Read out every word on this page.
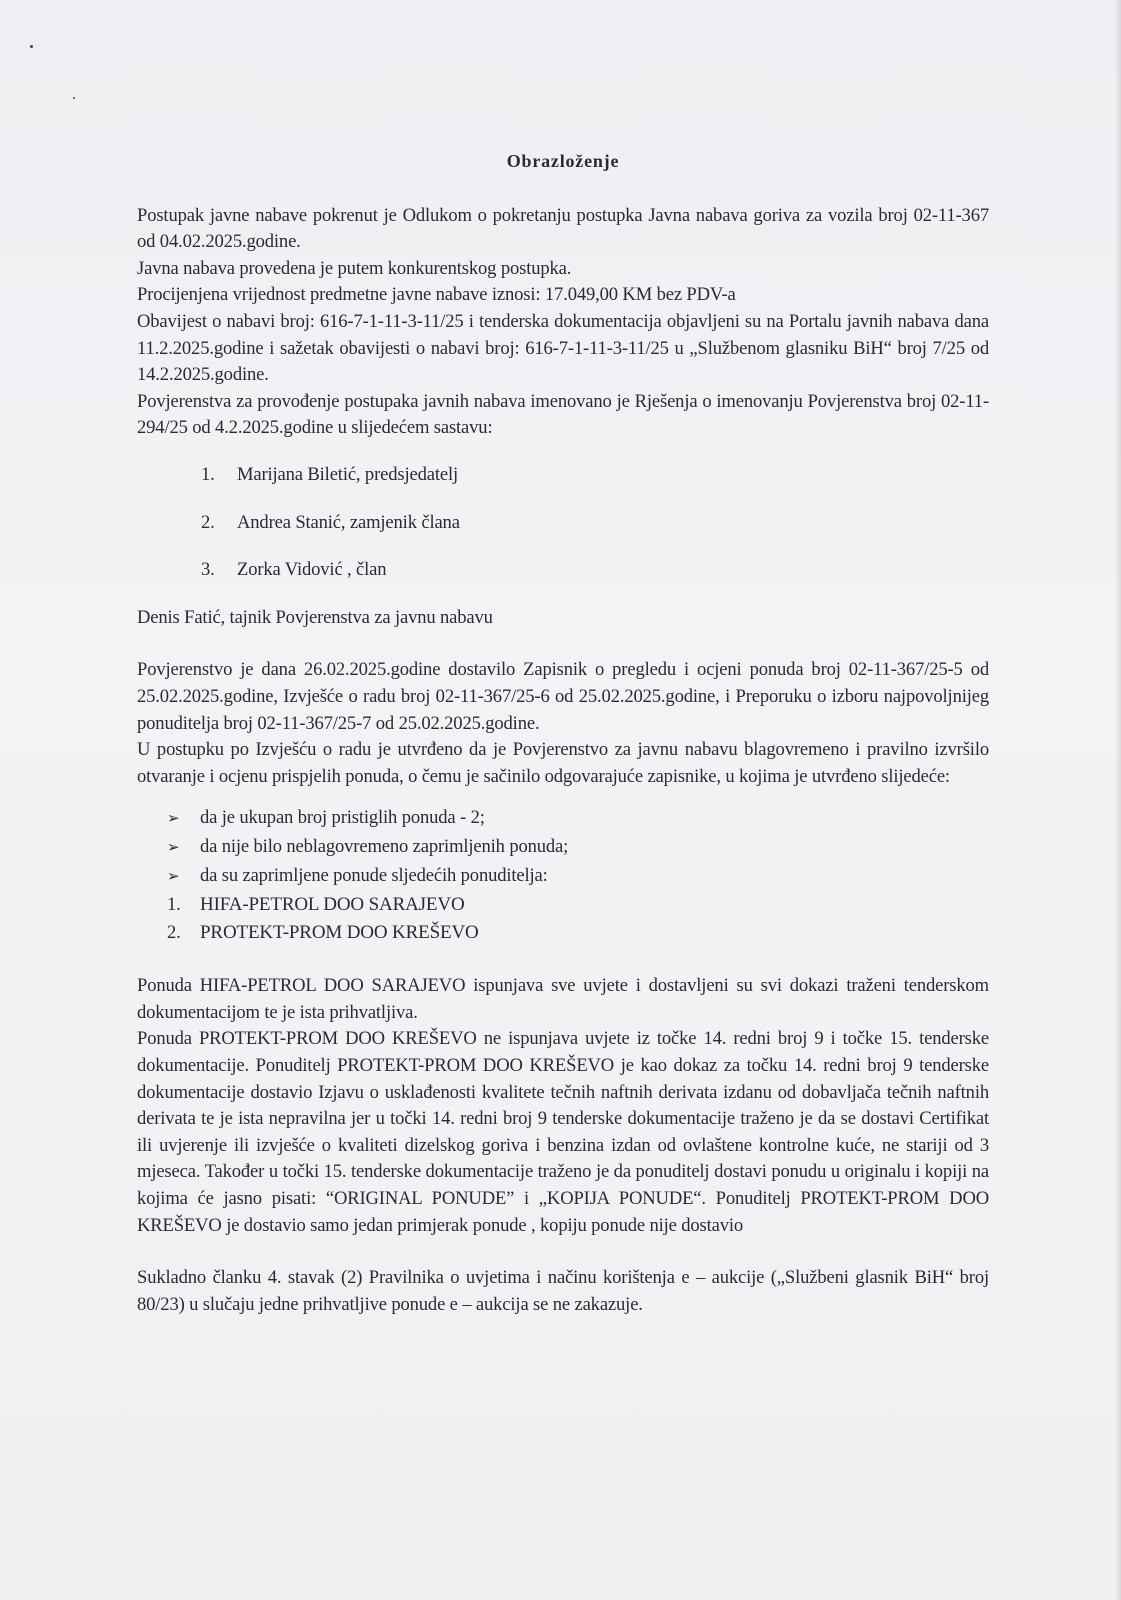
Obrazloženje

Postupak javne nabave pokrenut je Odlukom o pokretanju postupka Javna nabava goriva za vozila broj 02-11-367 od 04.02.2025.godine.

Javna nabava provedena je putem konkurentskog postupka.

Procijenjena vrijednost predmetne javne nabave iznosi: 17.049,00 KM bez PDV-a

Obavijest o nabavi broj: 616-7-1-11-3-11/25 i tenderska dokumentacija objavljeni su na Portalu javnih nabava dana 11.2.2025.godine i sažetak obavijesti o nabavi broj: 616-7-1-11-3-11/25 u „Službenom glasniku BiH“ broj 7/25 od 14.2.2025.godine.

Povjerenstva za provođenje postupaka javnih nabava imenovano je Rješenja o imenovanju Povjerenstva broj 02-11-294/25 od 4.2.2025.godine u slijedećem sastavu:

1. Marijana Biletić, predsjedatelj
2. Andrea Stanić, zamjenik člana
3. Zorka Vidović , član

Denis Fatić, tajnik Povjerenstva za javnu nabavu

Povjerenstvo je dana 26.02.2025.godine dostavilo Zapisnik o pregledu i ocjeni ponuda broj 02-11-367/25-5 od 25.02.2025.godine, Izvješće o radu broj 02-11-367/25-6 od 25.02.2025.godine, i Preporuku o izboru najpovoljnijeg ponuditelja broj 02-11-367/25-7 od 25.02.2025.godine.

U postupku po Izvješću o radu je utvrđeno da je Povjerenstvo za javnu nabavu blagovremeno i pravilno izvršilo otvaranje i ocjenu prispjelih ponuda, o čemu je sačinilo odgovarajuće zapisnike, u kojima je utvrđeno slijedeće:

➢ da je ukupan broj pristiglih ponuda - 2;
➢ da nije bilo neblagovremeno zaprimljenih ponuda;
➢ da su zaprimljene ponude sljedećih ponuditelja:
1. HIFA-PETROL DOO SARAJEVO
2. PROTEKT-PROM DOO KREŠEVO

Ponuda HIFA-PETROL DOO SARAJEVO ispunjava sve uvjete i dostavljeni su svi dokazi traženi tenderskom dokumentacijom te je ista prihvatljiva.

Ponuda PROTEKT-PROM DOO KREŠEVO ne ispunjava uvjete iz točke 14. redni broj 9 i točke 15. tenderske dokumentacije. Ponuditelj PROTEKT-PROM DOO KREŠEVO je kao dokaz za točku 14. redni broj 9 tenderske dokumentacije dostavio Izjavu o usklađenosti kvalitete tečnih naftnih derivata izdanu od dobavljača tečnih naftnih derivata te je ista nepravilna jer u točki 14. redni broj 9 tenderske dokumentacije traženo je da se dostavi Certifikat ili uvjerenje ili izvješće o kvaliteti dizelskog goriva i benzina izdan od ovlaštene kontrolne kuće, ne stariji od 3 mjeseca. Također u točki 15. tenderske dokumentacije traženo je da ponuditelj dostavi ponudu u originalu i kopiji na kojima će jasno pisati: “ORIGINAL PONUDE” i „KOPIJA PONUDE“. Ponuditelj PROTEKT-PROM DOO KREŠEVO je dostavio samo jedan primjerak ponude , kopiju ponude nije dostavio

Sukladno članku 4. stavak (2) Pravilnika o uvjetima i načinu korištenja e – aukcije („Službeni glasnik BiH“ broj 80/23) u slučaju jedne prihvatljive ponude e – aukcija se ne zakazuje.
